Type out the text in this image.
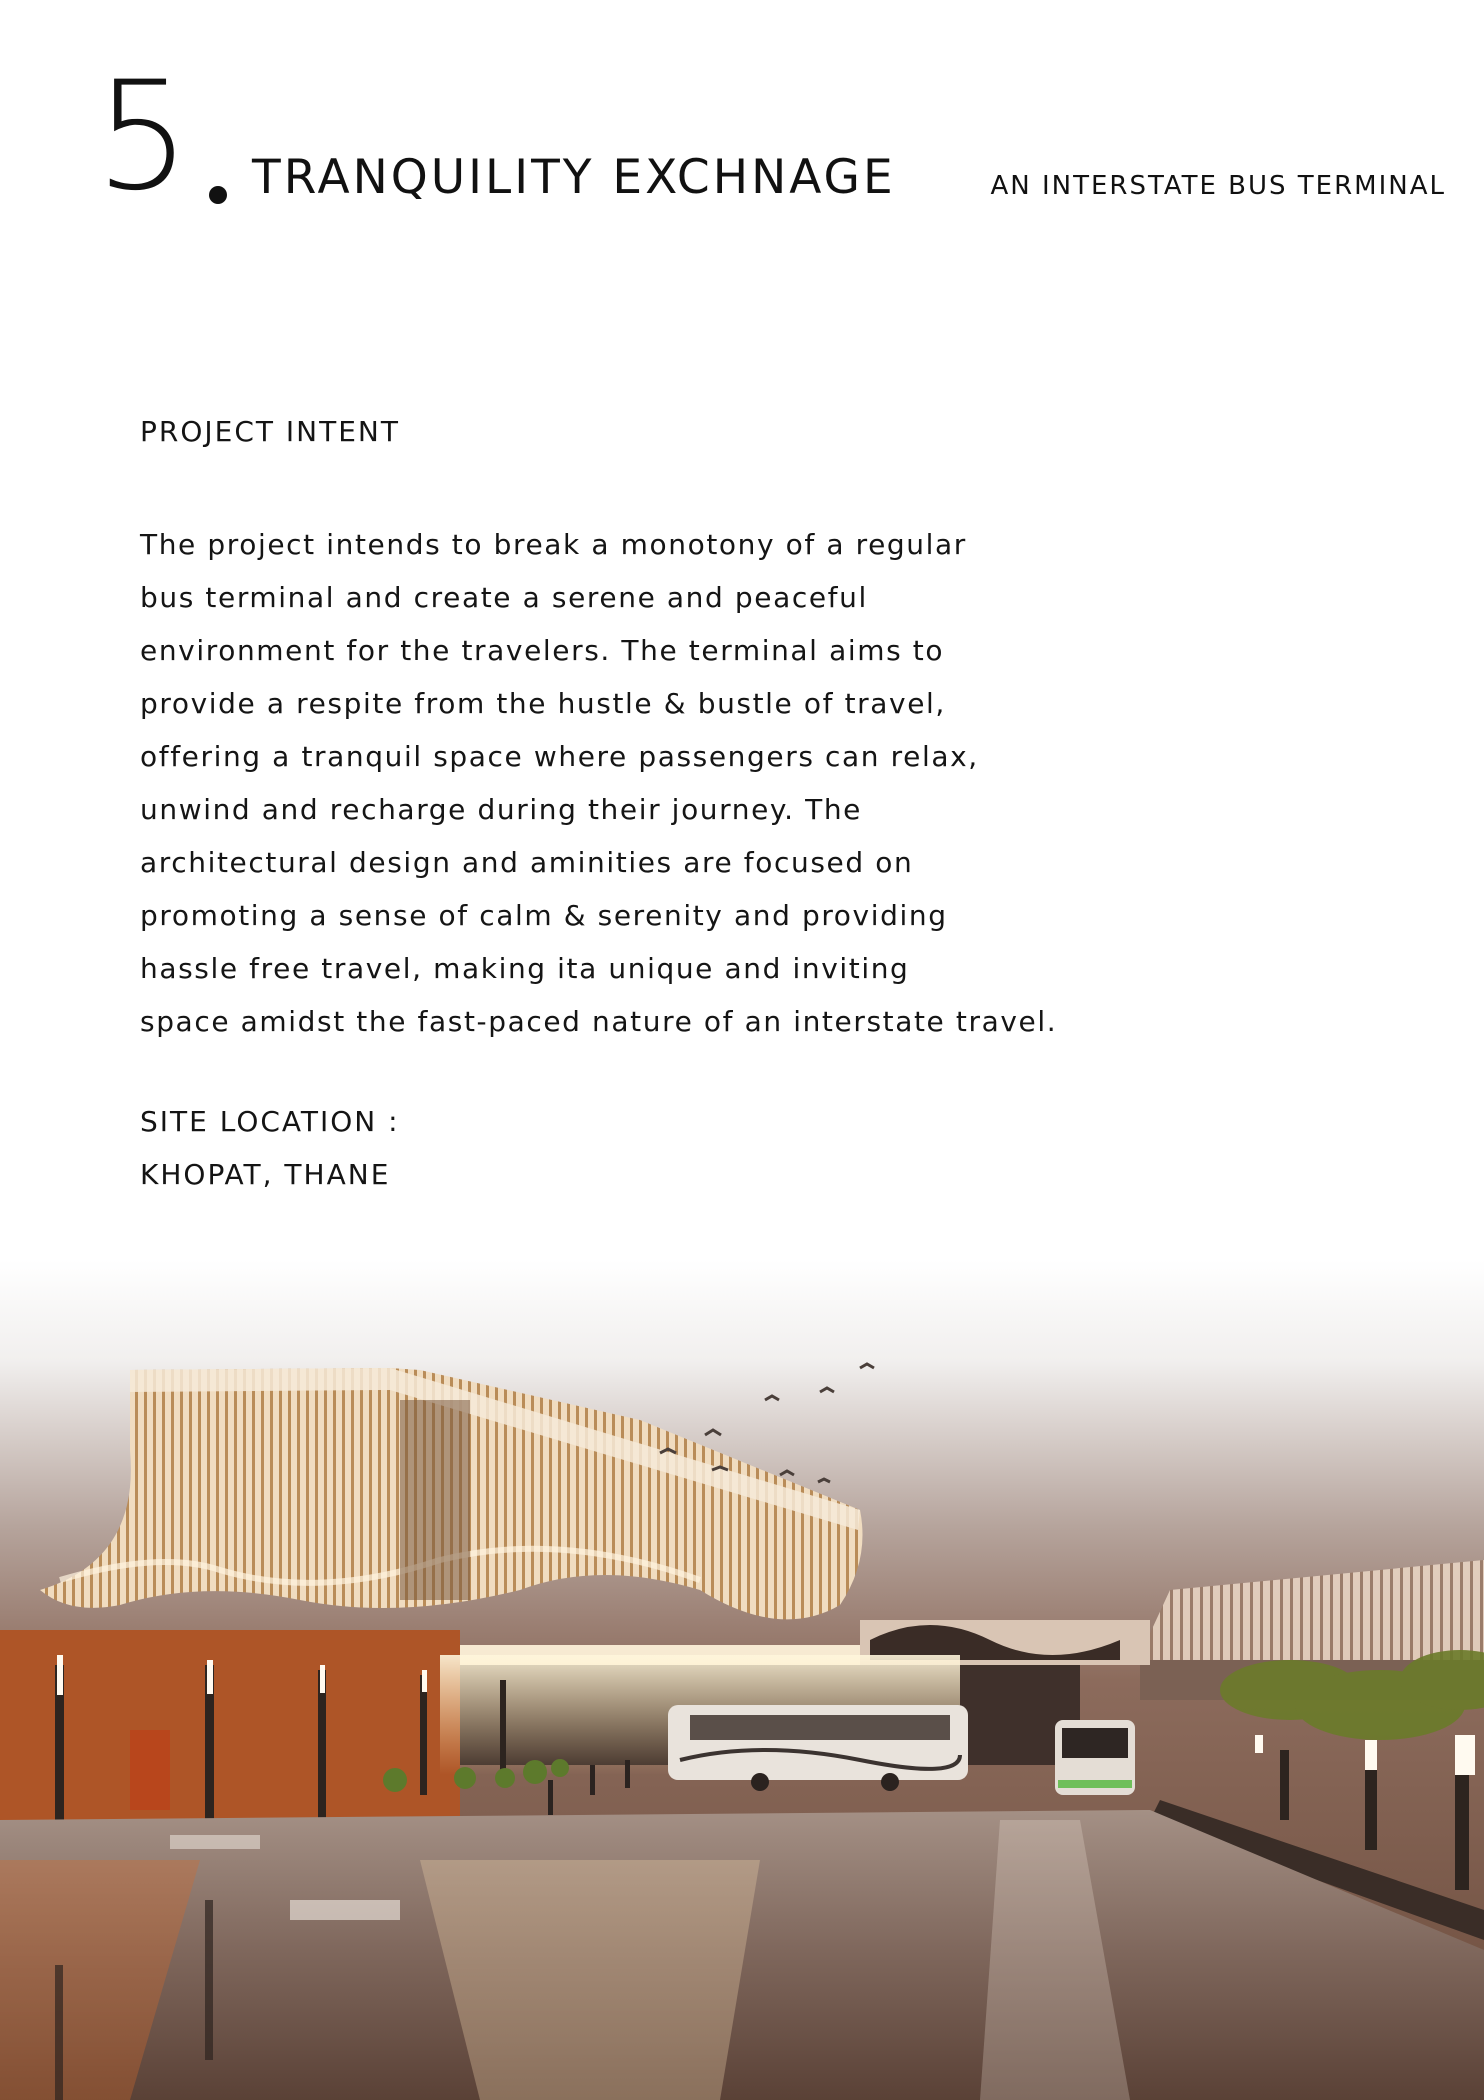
5 TRANQUILITY EXCHNAGE	AN INTERSTATE BUS TERMINAL
PROJECT INTENT
The project intends to break a monotony of a regular
bus terminal and create a serene and peaceful
environment for the travelers. The terminal aims to
provide a respite from the hustle & bustle of travel,
offering a tranquil space where passengers can relax,
unwind and recharge during their journey. The
architectural design and aminities are focused on
promoting a sense of calm & serenity and providing
hassle free travel, making ita unique and inviting
space amidst the fast-paced nature of an interstate travel.
SITE LOCATION :
KHOPAT, THANE
